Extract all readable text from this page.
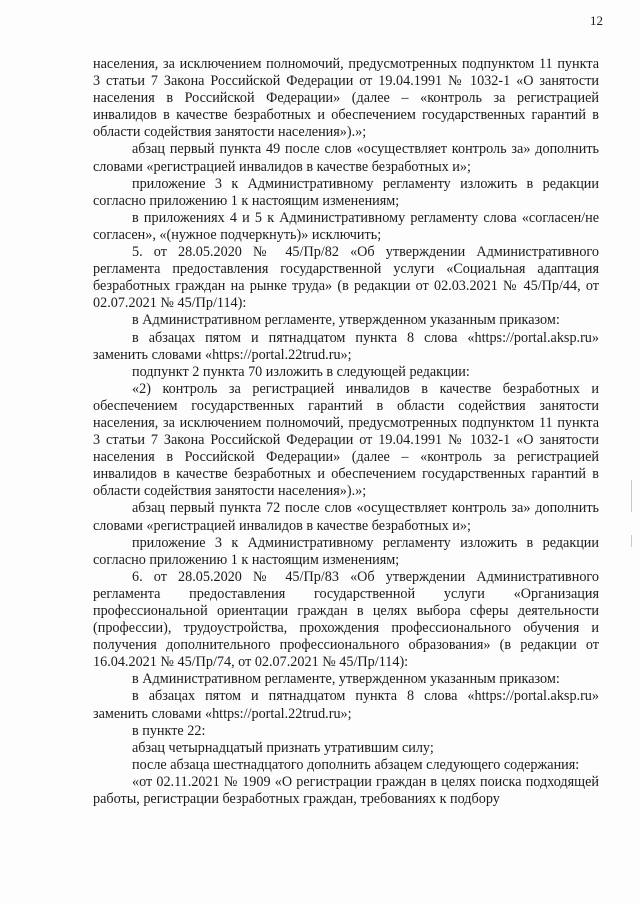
12

населения, за исключением полномочий, предусмотренных подпунктом 11 пункта 3 статьи 7 Закона Российской Федерации от 19.04.1991 № 1032-1 «О занятости населения в Российской Федерации» (далее – «контроль за регистрацией инвалидов в качестве безработных и обеспечением государственных гарантий в области содействия занятости населения»).»;

абзац первый пункта 49 после слов «осуществляет контроль за» дополнить словами «регистрацией инвалидов в качестве безработных и»;

приложение 3 к Административному регламенту изложить в редакции согласно приложению 1 к настоящим изменениям;

в приложениях 4 и 5 к Административному регламенту слова «согласен/не согласен», «(нужное подчеркнуть)» исключить;

5. от 28.05.2020 № 45/Пр/82 «Об утверждении Административного регламента предоставления государственной услуги «Социальная адаптация безработных граждан на рынке труда» (в редакции от 02.03.2021 № 45/Пр/44, от 02.07.2021 № 45/Пр/114):

в Административном регламенте, утвержденном указанным приказом:

в абзацах пятом и пятнадцатом пункта 8 слова «https://portal.aksp.ru» заменить словами «https://portal.22trud.ru»;

подпункт 2 пункта 70 изложить в следующей редакции:

«2) контроль за регистрацией инвалидов в качестве безработных и обеспечением государственных гарантий в области содействия занятости населения, за исключением полномочий, предусмотренных подпунктом 11 пункта 3 статьи 7 Закона Российской Федерации от 19.04.1991 № 1032-1 «О занятости населения в Российской Федерации» (далее – «контроль за регистрацией инвалидов в качестве безработных и обеспечением государственных гарантий в области содействия занятости населения»).»;

абзац первый пункта 72 после слов «осуществляет контроль за» дополнить словами «регистрацией инвалидов в качестве безработных и»;

приложение 3 к Административному регламенту изложить в редакции согласно приложению 1 к настоящим изменениям;

6. от 28.05.2020 № 45/Пр/83 «Об утверждении Административного регламента предоставления государственной услуги «Организация профессиональной ориентации граждан в целях выбора сферы деятельности (профессии), трудоустройства, прохождения профессионального обучения и получения дополнительного профессионального образования» (в редакции от 16.04.2021 № 45/Пр/74, от 02.07.2021 № 45/Пр/114):

в Административном регламенте, утвержденном указанным приказом:

в абзацах пятом и пятнадцатом пункта 8 слова «https://portal.aksp.ru» заменить словами «https://portal.22trud.ru»;

в пункте 22:

абзац четырнадцатый признать утратившим силу;

после абзаца шестнадцатого дополнить абзацем следующего содержания:

«от 02.11.2021 № 1909 «О регистрации граждан в целях поиска подходящей работы, регистрации безработных граждан, требованиях к подбору
